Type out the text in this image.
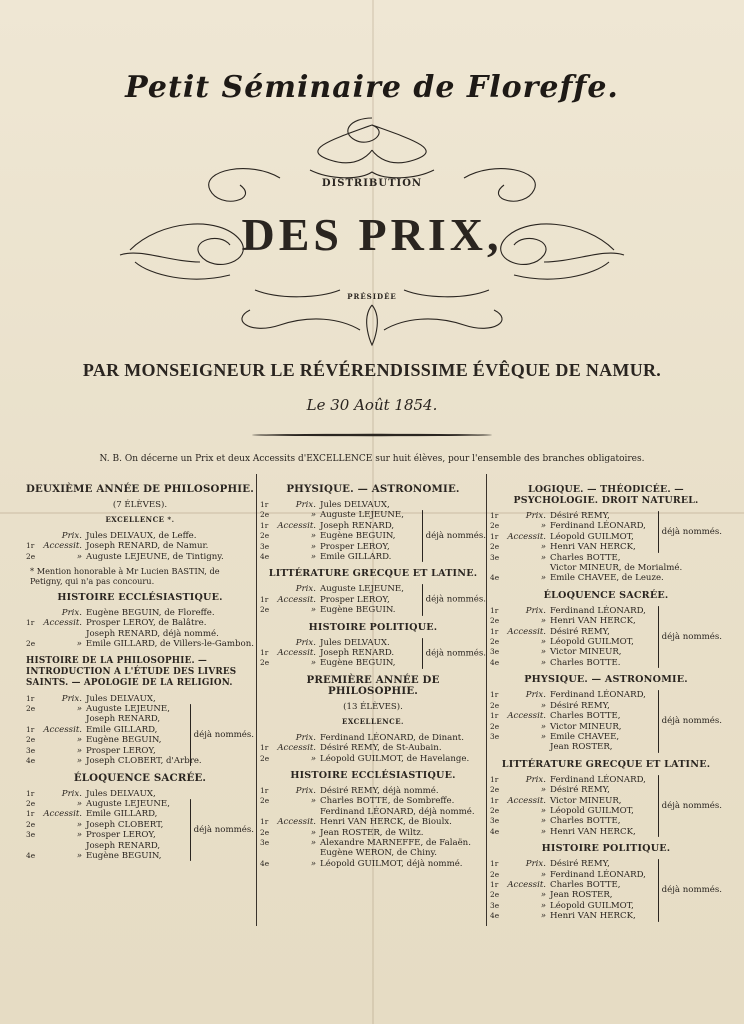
Petit Séminaire de Floreffe.
DISTRIBUTION
DES PRIX,
PRÉSIDÉE
PAR MONSEIGNEUR LE RÉVÉRENDISSIME ÉVÊQUE DE NAMUR.
Le 30 Août 1854.
N. B. On décerne un Prix et deux Accessits d'EXCELLENCE sur huit élèves, pour l'ensemble des branches obligatoires.
DEUXIÈME ANNÉE DE PHILOSOPHIE.
(7 ÉLÈVES).
EXCELLENCE *.
Prix. Jules DELVAUX, de Leffe.
1r	Accessit. Joseph RENARD, de Namur.
2e	» Auguste LEJEUNE, de Tintigny.
* Mention honorable à Mr Lucien BASTIN, de Petigny, qui n'a pas concouru.
HISTOIRE ECCLÉSIASTIQUE.
Prix. Eugène BEGUIN, de Floreffe.
1r	Accessit. Prosper LEROY, de Balâtre.
Joseph RENARD, déjà nommé.
2e	» Emile GILLARD, de Villers-le-Gambon.
HISTOIRE DE LA PHILOSOPHIE. — INTRODUCTION A L'ÉTUDE DES LIVRES SAINTS. — APOLOGIE DE LA RELIGION.
1r	Prix. Jules DELVAUX,
2e	» Auguste LEJEUNE,
Joseph RENARD,
1r	Accessit. Emile GILLARD,
2e	» Eugène BEGUIN,
3e	» Prosper LEROY,
4e	» Joseph CLOBERT, d'Arbre.
déjà nommés.
ÉLOQUENCE SACRÉE.
1r	Prix. Jules DELVAUX,
2e	» Auguste LEJEUNE,
1r	Accessit. Emile GILLARD,
2e	» Joseph CLOBERT,
3e	» Prosper LEROY,
Joseph RENARD,
4e	» Eugène BEGUIN,
déjà nommés.
PHYSIQUE. — ASTRONOMIE.
1r	Prix. Jules DELVAUX,
2e	» Auguste LEJEUNE,
1r	Accessit. Joseph RENARD,
2e	» Eugène BEGUIN,
3e	» Prosper LEROY,
4e	» Emile GILLARD.
déjà nommés.
LITTÉRATURE GRECQUE ET LATINE.
Prix. Auguste LEJEUNE,
1r	Accessit. Prosper LEROY,
2e	» Eugène BEGUIN.
déjà nommés.
HISTOIRE POLITIQUE.
Prix. Jules DELVAUX.
1r	Accessit. Joseph RENARD.
2e	» Eugène BEGUIN,
déjà nommés.
PREMIÈRE ANNÉE DE PHILOSOPHIE.
(13 ÉLÈVES).
EXCELLENCE.
Prix. Ferdinand LÉONARD, de Dinant.
1r	Accessit. Désiré REMY, de St-Aubain.
2e	» Léopold GUILMOT, de Havelange.
HISTOIRE ECCLÉSIASTIQUE.
1r	Prix. Désiré REMY, déjà nommé.
2e	» Charles BOTTE, de Sombreffe.
Ferdinand LÉONARD, déjà nommé.
1r	Accessit. Henri VAN HERCK, de Bioulx.
2e	» Jean ROSTER, de Wiltz.
3e	» Alexandre MARNEFFE, de Falaën.
Eugène WERON, de Chiny.
4e	» Léopold GUILMOT, déjà nommé.
LOGIQUE. — THÉODICÉE. — PSYCHOLOGIE. DROIT NATUREL.
1r	Prix. Désiré REMY,
2e	» Ferdinand LÉONARD,
1r	Accessit. Léopold GUILMOT,
2e	» Henri VAN HERCK,
3e	» Charles BOTTE,
Victor MINEUR, de Morialmé.
4e	» Emile CHAVEE, de Leuze.
déjà nommés.
ÉLOQUENCE SACRÉE.
1r	Prix. Ferdinand LÉONARD,
2e	» Henri VAN HERCK,
1r	Accessit. Désiré REMY,
2e	» Léopold GUILMOT,
3e	» Victor MINEUR,
4e	» Charles BOTTE.
déjà nommés.
PHYSIQUE. — ASTRONOMIE.
1r	Prix. Ferdinand LÉONARD,
2e	» Désiré REMY,
1r	Accessit. Charles BOTTE,
2e	» Victor MINEUR,
3e	» Emile CHAVEE,
Jean ROSTER,
déjà nommés.
LITTÉRATURE GRECQUE ET LATINE.
1r	Prix. Ferdinand LÉONARD,
2e	» Désiré REMY,
1r	Accessit. Victor MINEUR,
2e	» Léopold GUILMOT,
3e	» Charles BOTTE,
4e	» Henri VAN HERCK,
déjà nommés.
HISTOIRE POLITIQUE.
1r	Prix. Désiré REMY,
2e	» Ferdinand LÉONARD,
1r	Accessit. Charles BOTTE,
2e	» Jean ROSTER,
3e	» Léopold GUILMOT,
4e	» Henri VAN HERCK,
déjà nommés.
